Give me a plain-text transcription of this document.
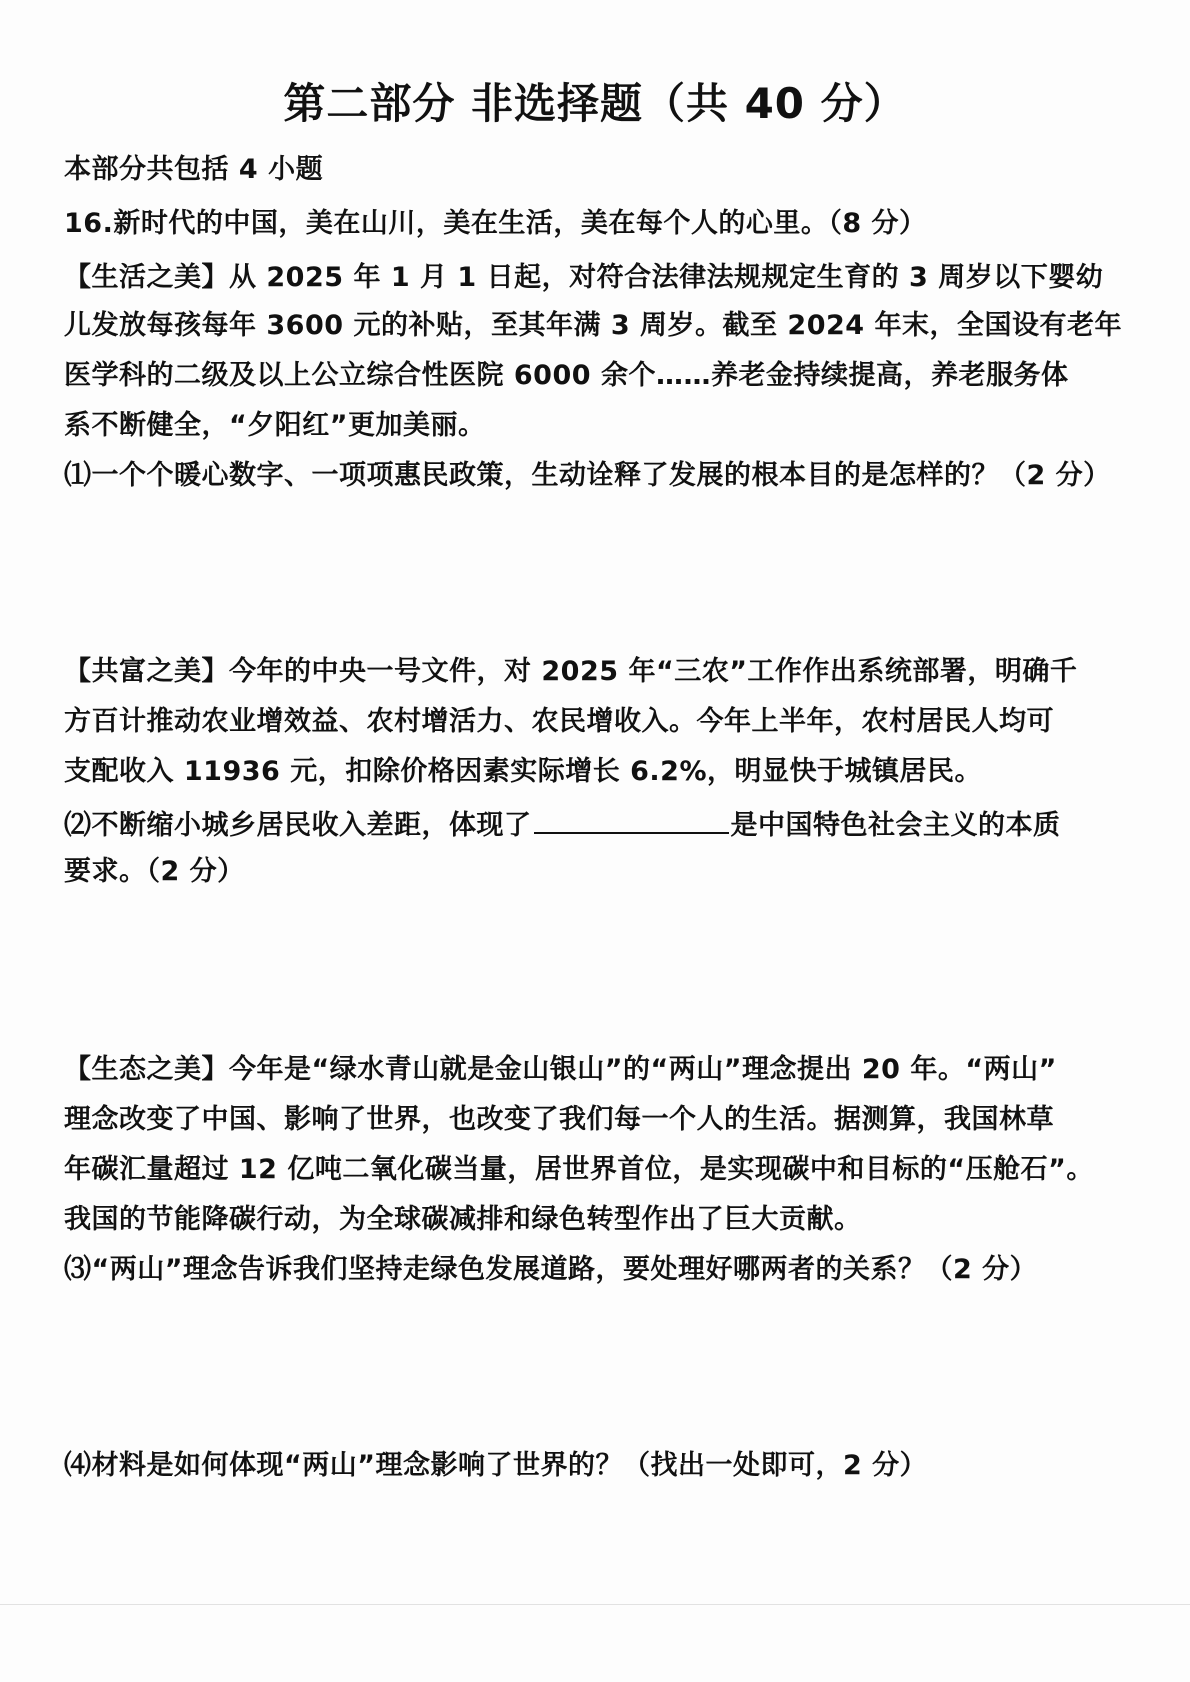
第二部分 非选择题（共 40 分）
本部分共包括 4 小题
16.新时代的中国，美在山川，美在生活，美在每个人的心里。（8 分）
【生活之美】从 2025 年 1 月 1 日起，对符合法律法规规定生育的 3 周岁以下婴幼
儿发放每孩每年 3600 元的补贴，至其年满 3 周岁。截至 2024 年末，全国设有老年
医学科的二级及以上公立综合性医院 6000 余个……养老金持续提高，养老服务体
系不断健全，“夕阳红”更加美丽。
⑴一个个暖心数字、一项项惠民政策，生动诠释了发展的根本目的是怎样的？（2 分）
【共富之美】今年的中央一号文件，对 2025 年“三农”工作作出系统部署，明确千
方百计推动农业增效益、农村增活力、农民增收入。今年上半年，农村居民人均可
支配收入 11936 元，扣除价格因素实际增长 6.2%，明显快于城镇居民。
⑵不断缩小城乡居民收入差距，体现了	是中国特色社会主义的本质
要求。（2 分）
【生态之美】今年是“绿水青山就是金山银山”的“两山”理念提出 20 年。“两山”
理念改变了中国、影响了世界，也改变了我们每一个人的生活。据测算，我国林草
年碳汇量超过 12 亿吨二氧化碳当量，居世界首位，是实现碳中和目标的“压舱石”。
我国的节能降碳行动，为全球碳减排和绿色转型作出了巨大贡献。
⑶“两山”理念告诉我们坚持走绿色发展道路，要处理好哪两者的关系？（2 分）
⑷材料是如何体现“两山”理念影响了世界的？（找出一处即可，2 分）
